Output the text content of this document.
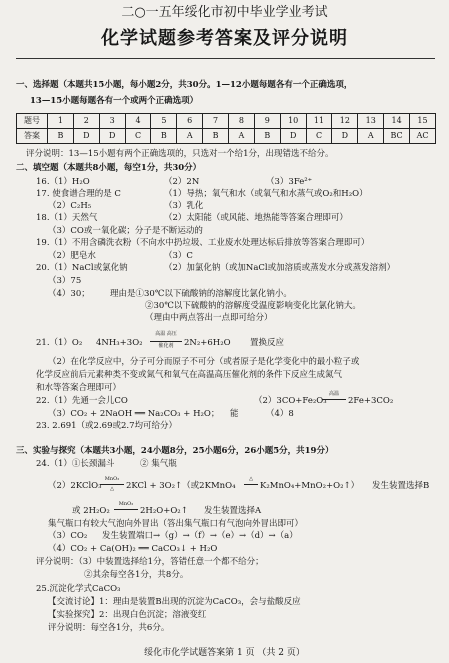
二○一五年绥化市初中毕业学业考试
化学试题参考答案及评分说明
一、选择题（本题共15小题，每小题2分，共30分。1—12小题每题各有一个正确选项，
13—15小题每题各有一个或两个正确选项）
题号	1	2	3	4	5	6	7	8	9	10	11	12	13	14	15
答案	B	D	D	C	B	A	B	A	B	D	C	D	A	BC	AC
评分说明：13—15小题有两个正确选项的，只选对一个给1分，出现错选不给分。
二、填空题（本题共8小题，每空1分，共30分）
16.（1）H₂O	（2）2N	（3）3Fe²⁺
17. 使食谱合理的是 C	（1）导热；氧气和水（或氧气和水蒸气或O₂和H₂O）
（2）C₂H₅	（3）乳化
18.（1）天然气	（2）太阳能（或风能、地热能等答案合理即可）
（3）CO或一氧化碳；分子是不断运动的
19.（1）不用含磷洗衣粉（不向水中扔垃圾、工业废水处理达标后排放等答案合理即可）
（2）肥皂水	（3）C
20.（1）NaCl或氯化钠	（2）加氯化钠（或加NaCl或加溶质或蒸发水分或蒸发溶剂）
（3）75
（4）30； 理由是①30℃以下硫酸钠的溶解度比氯化钠小。
②30℃以下硫酸钠的溶解度受温度影响变化比氯化钠大。
（理由中两点答出一点即可给分）
21.（1）O₂ 4NH₃+3O₂
高温 高压
催化剂	2N₂+6H₂O 置换反应
（2）在化学反应中，分子可分而原子不可分（或者原子是化学变化中的最小粒子或
化学反应前后元素种类不变或氮气和氧气在高温高压催化剂的条件下反应生成氮气
和水等答案合理即可）
22.（1）先通一会儿CO	（2）3CO+Fe₂O₃
高温
2Fe+3CO₂
（3）CO₂ + 2NaOH ══ Na₂CO₃ + H₂O； 能	（4）8
23. 2.691（或2.69或2.7均可给分）
三、实验与探究（本题共3小题，24小题8分，25小题6分，26小题5分，共19分）
24.（1）①长颈漏斗	② 集气瓶
（2）2KClO₃
MnO₂
△	2KCl + 3O₂↑（或2KMnO₄
△
K₂MnO₄+MnO₂+O₂↑） 发生装置选择B
或 2H₂O₂
MnO₂
2H₂O+O₂↑ 发生装置选择A
集气瓶口有较大气泡向外冒出（答出集气瓶口有气泡向外冒出即可）
（3）CO₂ 发生装置端口→（g）→（f）→（e）→（d）→（a）
（4）CO₂ + Ca(OH)₂ ══ CaCO₃↓ + H₂O
评分说明：（3）中装置选择给1分，答错任意一个都不给分；
②其余每空各1分，共8分。
25.沉淀化学式CaCO₃
【交流讨论】1：理由是装置B出现的沉淀为CaCO₃，会与盐酸反应
【实验探究】2：出现白色沉淀；溶液变红
评分说明：每空各1分，共6分。
绥化市化学试题答案第 1 页 （共 2 页）
